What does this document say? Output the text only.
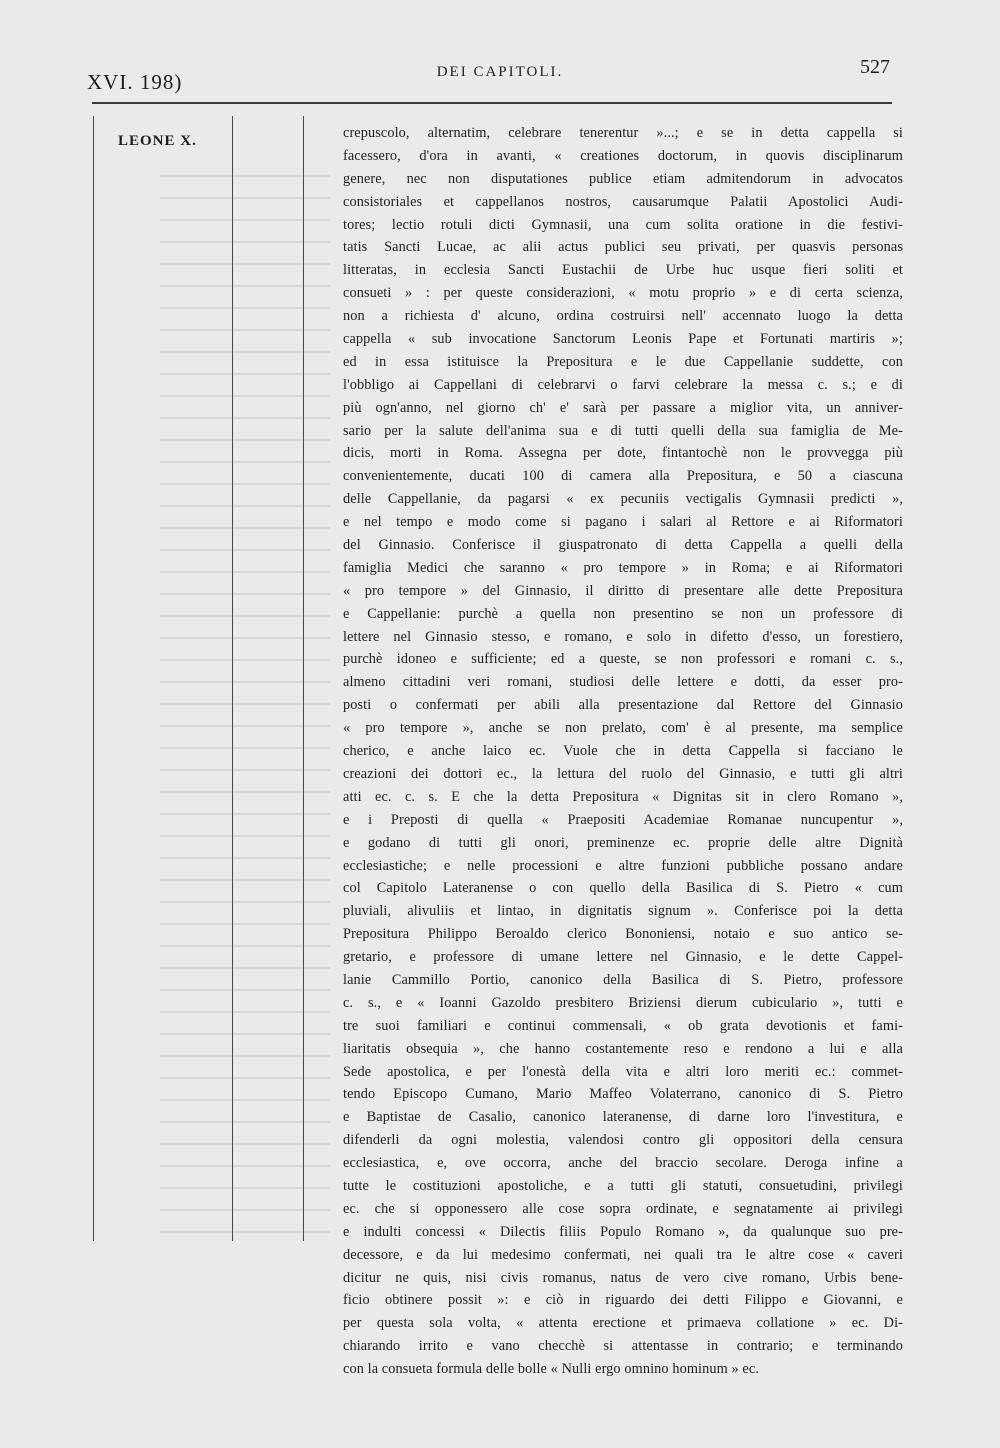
XVI. 198)	DEI CAPITOLI.	527
LEONE X.	crepuscolo, alternatim, celebrare tenerentur »...; e se in detta cappella si
facessero, d'ora in avanti, « creationes doctorum, in quovis disciplinarum
genere, nec non disputationes publice etiam admitendorum in advocatos
consistoriales et cappellanos nostros, causarumque Palatii Apostolici Audi-
tores; lectio rotuli dicti Gymnasii, una cum solita oratione in die festivi-
tatis Sancti Lucae, ac alii actus publici seu privati, per quasvis personas
litteratas, in ecclesia Sancti Eustachii de Urbe huc usque fieri soliti et
consueti » : per queste considerazioni, « motu proprio » e di certa scienza,
non a richiesta d' alcuno, ordina costruirsi nell' accennato luogo la detta
cappella « sub invocatione Sanctorum Leonis Pape et Fortunati martiris »;
ed in essa istituisce la Prepositura e le due Cappellanie suddette, con
l'obbligo ai Cappellani di celebrarvi o farvi celebrare la messa c. s.; e di
più ogn'anno, nel giorno ch' e' sarà per passare a miglior vita, un anniver-
sario per la salute dell'anima sua e di tutti quelli della sua famiglia de Me-
dicis, morti in Roma. Assegna per dote, fintantochè non le provvegga più
convenientemente, ducati 100 di camera alla Prepositura, e 50 a ciascuna
delle Cappellanie, da pagarsi « ex pecuniis vectigalis Gymnasii predicti »,
e nel tempo e modo come si pagano i salari al Rettore e ai Riformatori
del Ginnasio. Conferisce il giuspatronato di detta Cappella a quelli della
famiglia Medici che saranno « pro tempore » in Roma; e ai Riformatori
« pro tempore » del Ginnasio, il diritto di presentare alle dette Prepositura
e Cappellanie: purchè a quella non presentino se non un professore di
lettere nel Ginnasio stesso, e romano, e solo in difetto d'esso, un forestiero,
purchè idoneo e sufficiente; ed a queste, se non professori e romani c. s.,
almeno cittadini veri romani, studiosi delle lettere e dotti, da esser pro-
posti o confermati per abili alla presentazione dal Rettore del Ginnasio
« pro tempore », anche se non prelato, com' è al presente, ma semplice
cherico, e anche laico ec. Vuole che in detta Cappella si facciano le
creazioni dei dottori ec., la lettura del ruolo del Ginnasio, e tutti gli altri
atti ec. c. s. E che la detta Prepositura « Dignitas sit in clero Romano »,
e i Preposti di quella « Praepositi Academiae Romanae nuncupentur »,
e godano di tutti gli onori, preminenze ec. proprie delle altre Dignità
ecclesiastiche; e nelle processioni e altre funzioni pubbliche possano andare
col Capitolo Lateranense o con quello della Basilica di S. Pietro « cum
pluviali, alivuliis et lintao, in dignitatis signum ». Conferisce poi la detta
Prepositura Philippo Beroaldo clerico Bononiensi, notaio e suo antico se-
gretario, e professore di umane lettere nel Ginnasio, e le dette Cappel-
lanie Cammillo Portio, canonico della Basilica di S. Pietro, professore
c. s., e « Ioanni Gazoldo presbitero Briziensi dierum cubiculario », tutti e
tre suoi familiari e continui commensali, « ob grata devotionis et fami-
liaritatis obsequia », che hanno costantemente reso e rendono a lui e alla
Sede apostolica, e per l'onestà della vita e altri loro meriti ec.: commet-
tendo Episcopo Cumano, Mario Maffeo Volaterrano, canonico di S. Pietro
e Baptistae de Casalio, canonico lateranense, di darne loro l'investitura, e
difenderli da ogni molestia, valendosi contro gli oppositori della censura
ecclesiastica, e, ove occorra, anche del braccio secolare. Deroga infine a
tutte le costituzioni apostoliche, e a tutti gli statuti, consuetudini, privilegi
ec. che si opponessero alle cose sopra ordinate, e segnatamente ai privilegi
e indulti concessi « Dilectis filiis Populo Romano », da qualunque suo pre-
decessore, e da lui medesimo confermati, nei quali tra le altre cose « caveri
dicitur ne quis, nisi civis romanus, natus de vero cive romano, Urbis bene-
ficio obtinere possit »: e ciò in riguardo dei detti Filippo e Giovanni, e
per questa sola volta, « attenta erectione et primaeva collatione » ec. Di-
chiarando irrito e vano checchè si attentasse in contrario; e terminando
con la consueta formula delle bolle « Nulli ergo omnino hominum » ec.
